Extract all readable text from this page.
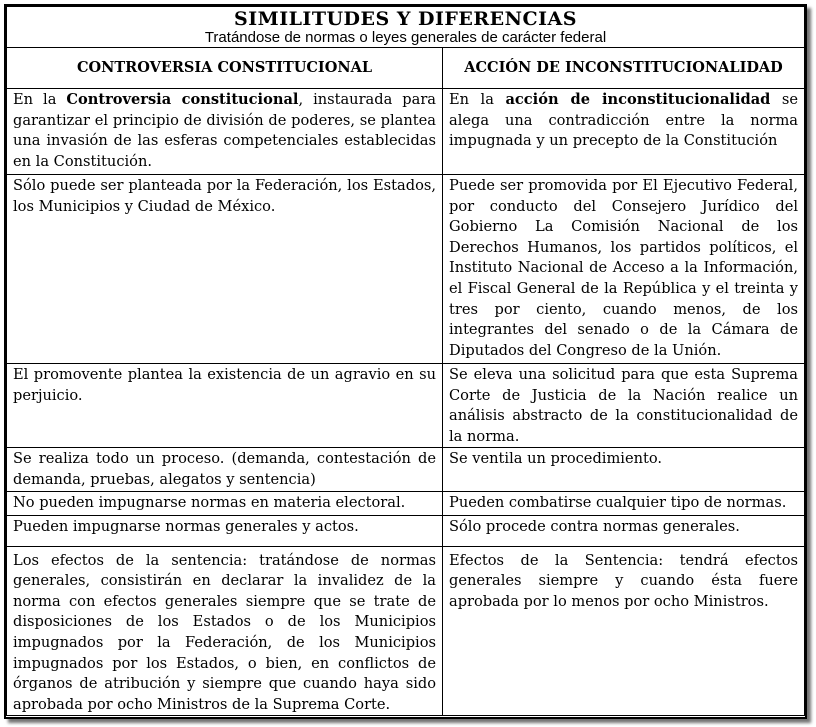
SIMILITUDES Y DIFERENCIAS
Tratándose de normas o leyes generales de carácter federal	

CONTROVERSIA CONSTITUCIONAL	ACCIÓN DE INCONSTITUCIONALIDAD
En la Controversia constitucional, instaurada para garantizar el principio de división de poderes, se plantea una invasión de las esferas competenciales establecidas en la Constitución.	En la acción de inconstitucionalidad se alega una contradicción entre la norma impugnada y un precepto de la Constitución
Sólo puede ser planteada por la Federación, los Estados, los Municipios y Ciudad de México.	Puede ser promovida por El Ejecutivo Federal, por conducto del Consejero Jurídico del Gobierno La Comisión Nacional de los Derechos Humanos, los partidos políticos, el Instituto Nacional de Acceso a la Información, el Fiscal General de la República y el treinta y tres por ciento, cuando menos, de los integrantes del senado o de la Cámara de Diputados del Congreso de la Unión.
El promovente plantea la existencia de un agravio en su perjuicio.	Se eleva una solicitud para que esta Suprema Corte de Justicia de la Nación realice un análisis abstracto de la constitucionalidad de la norma.
Se realiza todo un proceso. (demanda, contestación de demanda, pruebas, alegatos y sentencia)	Se ventila un procedimiento.
No pueden impugnarse normas en materia electoral.	Pueden combatirse cualquier tipo de normas.
Pueden impugnarse normas generales y actos.	Sólo procede contra normas generales.
Los efectos de la sentencia: tratándose de normas generales, consistirán en declarar la invalidez de la norma con efectos generales siempre que se trate de disposiciones de los Estados o de los Municipios impugnados por la Federación, de los Municipios impugnados por los Estados, o bien, en conflictos de órganos de atribución y siempre que cuando haya sido aprobada por ocho Ministros de la Suprema Corte.	Efectos de la Sentencia: tendrá efectos generales siempre y cuando ésta fuere aprobada por lo menos por ocho Ministros.
